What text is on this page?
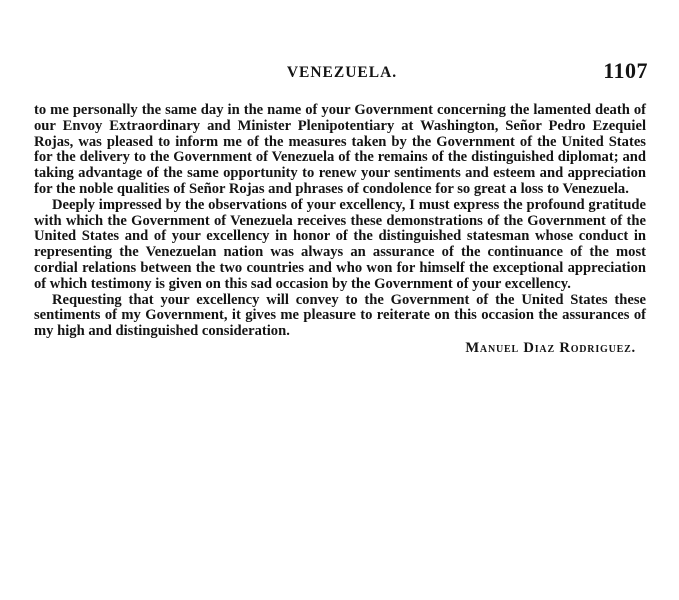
VENEZUELA.	1107

to me personally the same day in the name of your Government concerning the lamented death of our Envoy Extraordinary and Minister Plenipotentiary at Washington, Señor Pedro Ezequiel Rojas, was pleased to inform me of the measures taken by the Government of the United States for the delivery to the Government of Venezuela of the remains of the distinguished diplomat; and taking advantage of the same opportunity to renew your sentiments and esteem and appreciation for the noble qualities of Señor Rojas and phrases of condolence for so great a loss to Venezuela.

Deeply impressed by the observations of your excellency, I must express the profound gratitude with which the Government of Venezuela receives these demonstrations of the Government of the United States and of your excellency in honor of the distinguished statesman whose conduct in representing the Venezuelan nation was always an assurance of the continuance of the most cordial relations between the two countries and who won for himself the exceptional appreciation of which testimony is given on this sad occasion by the Government of your excellency.

Requesting that your excellency will convey to the Government of the United States these sentiments of my Government, it gives me pleasure to reiterate on this occasion the assurances of my high and distinguished consideration.

Manuel Diaz Rodriguez.
